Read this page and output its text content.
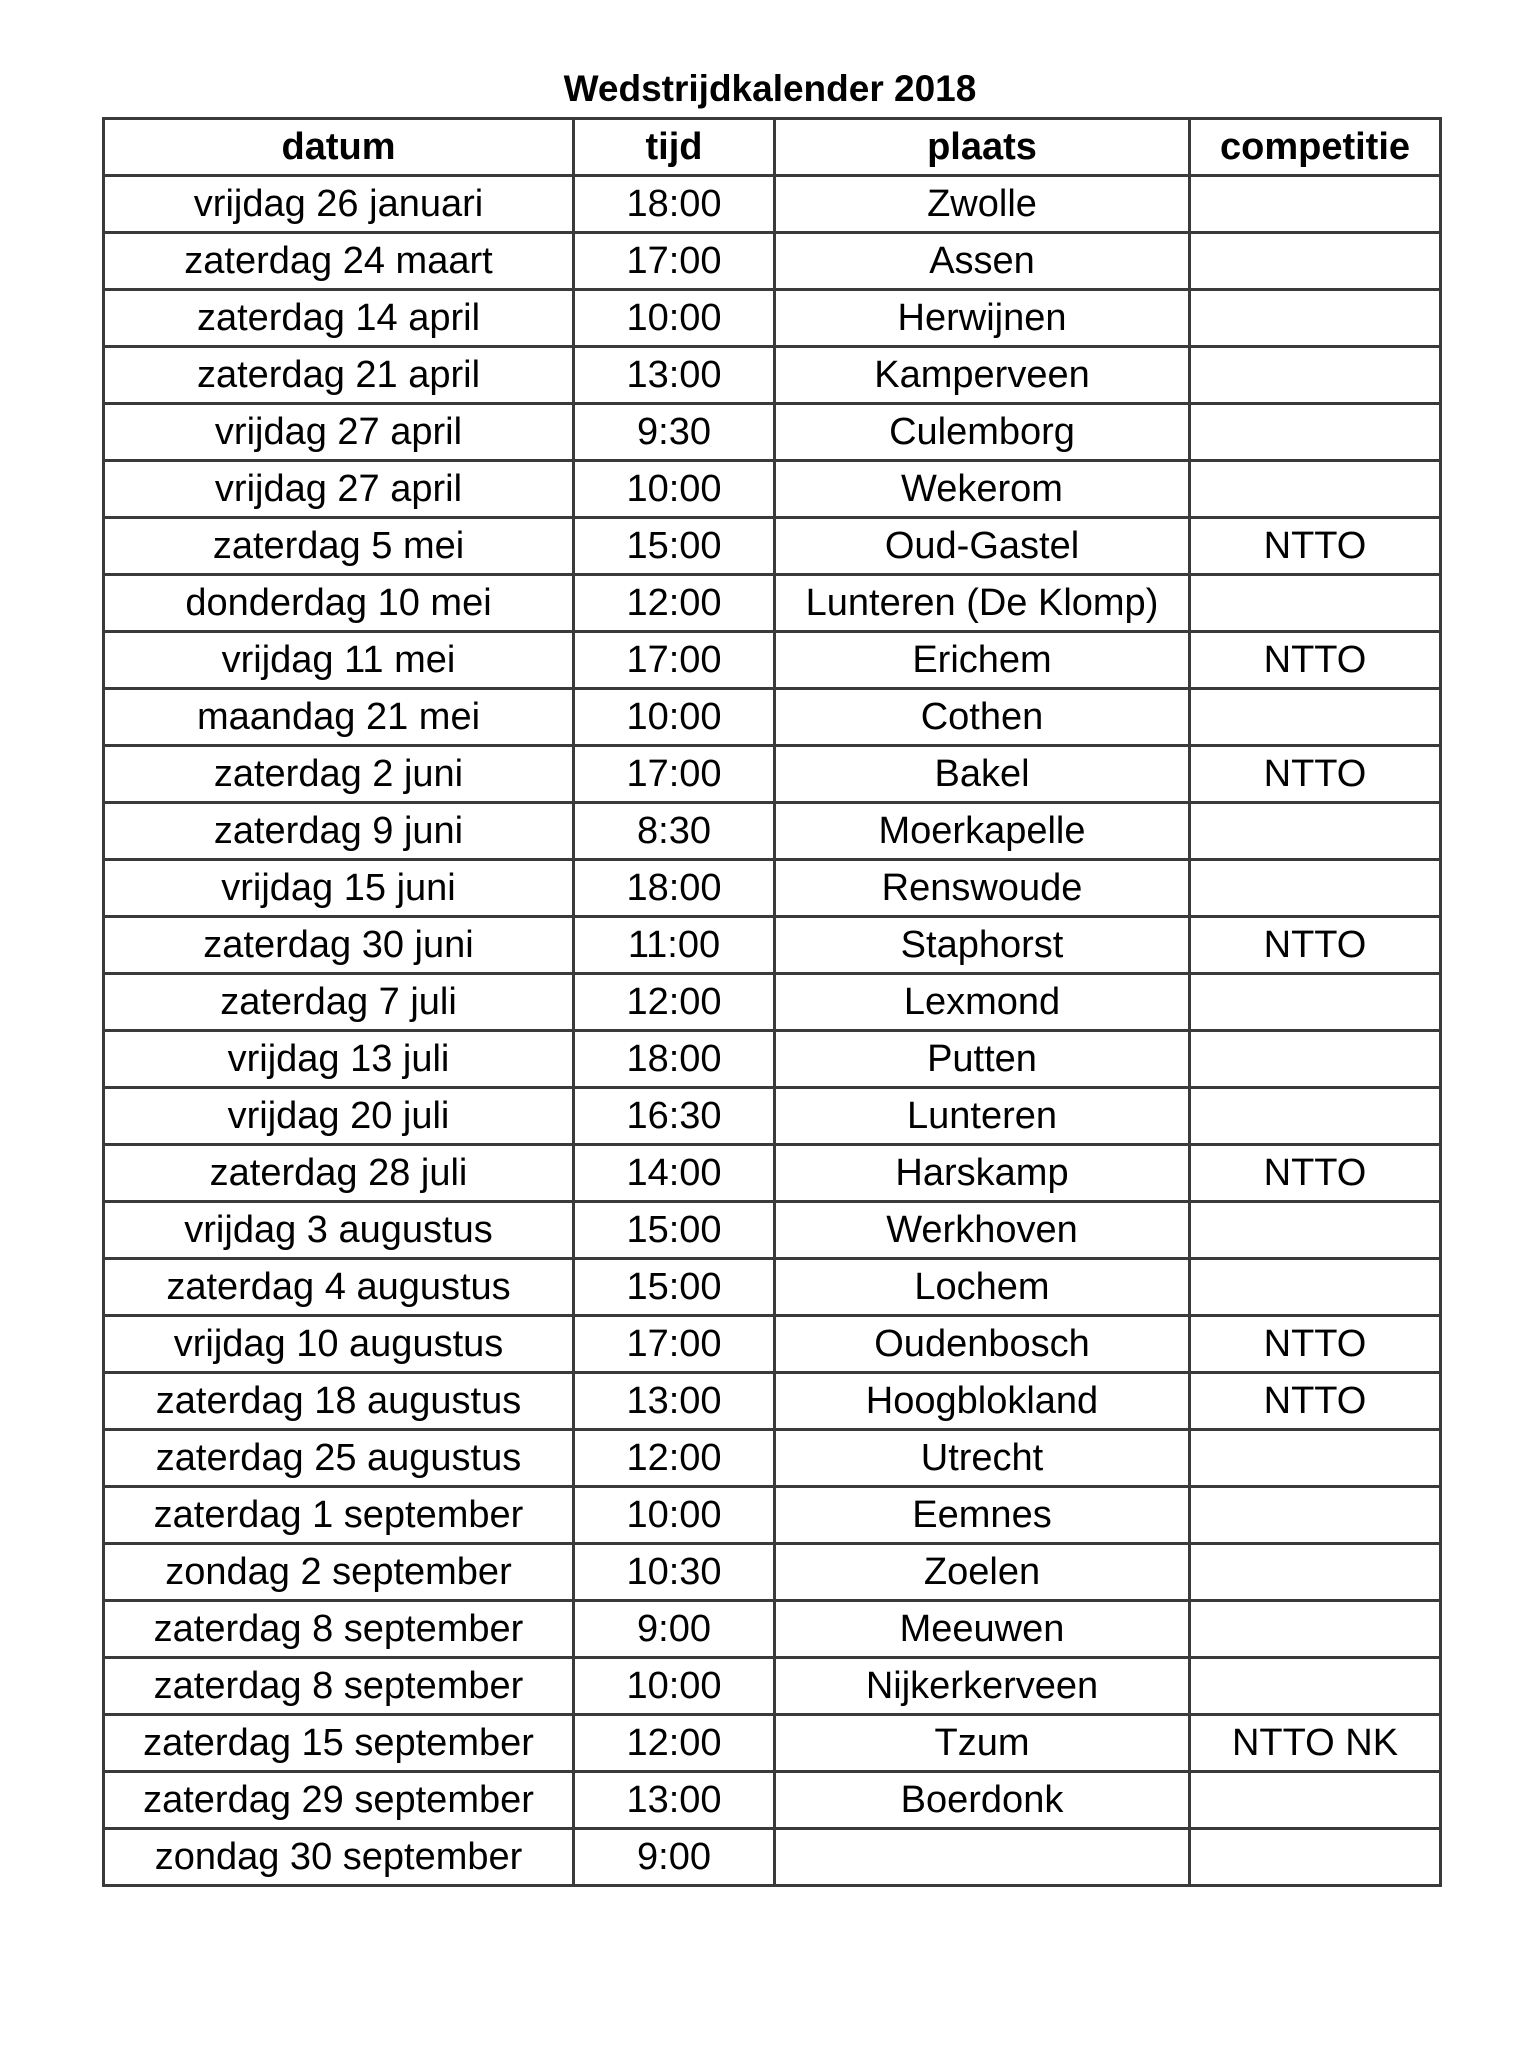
Wedstrijdkalender 2018
datum	tijd	plaats	competitie
vrijdag 26 januari	18:00	Zwolle	
zaterdag 24 maart	17:00	Assen	
zaterdag 14 april	10:00	Herwijnen	
zaterdag 21 april	13:00	Kamperveen	
vrijdag 27 april	9:30	Culemborg	
vrijdag 27 april	10:00	Wekerom	
zaterdag 5 mei	15:00	Oud-Gastel	NTTO
donderdag 10 mei	12:00	Lunteren (De Klomp)	
vrijdag 11 mei	17:00	Erichem	NTTO
maandag 21 mei	10:00	Cothen	
zaterdag 2 juni	17:00	Bakel	NTTO
zaterdag 9 juni	8:30	Moerkapelle	
vrijdag 15 juni	18:00	Renswoude	
zaterdag 30 juni	11:00	Staphorst	NTTO
zaterdag 7 juli	12:00	Lexmond	
vrijdag 13 juli	18:00	Putten	
vrijdag 20 juli	16:30	Lunteren	
zaterdag 28 juli	14:00	Harskamp	NTTO
vrijdag 3 augustus	15:00	Werkhoven	
zaterdag 4 augustus	15:00	Lochem	
vrijdag 10 augustus	17:00	Oudenbosch	NTTO
zaterdag 18 augustus	13:00	Hoogblokland	NTTO
zaterdag 25 augustus	12:00	Utrecht	
zaterdag 1 september	10:00	Eemnes	
zondag 2 september	10:30	Zoelen	
zaterdag 8 september	9:00	Meeuwen	
zaterdag 8 september	10:00	Nijkerkerveen	
zaterdag 15 september	12:00	Tzum	NTTO NK
zaterdag 29 september	13:00	Boerdonk	
zondag 30 september	9:00		
